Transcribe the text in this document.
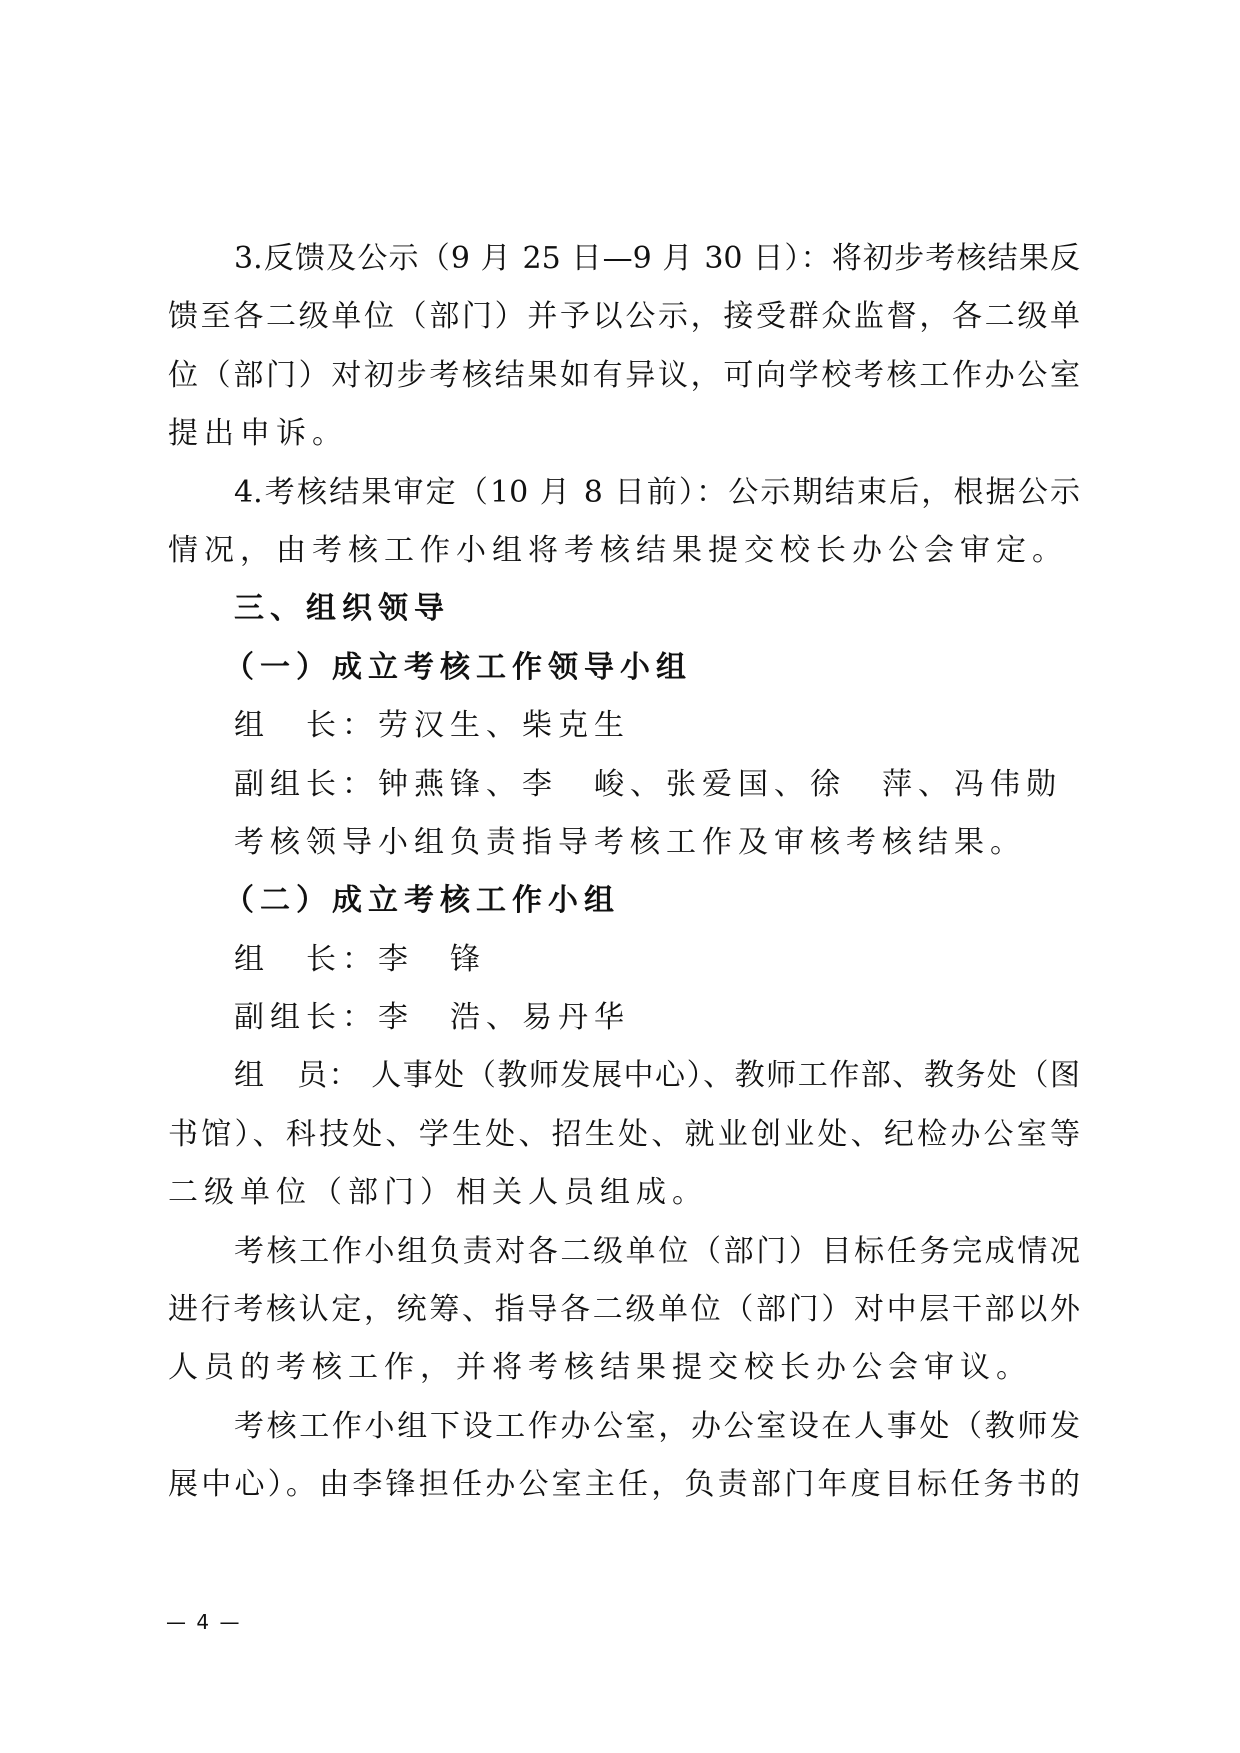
3.反馈及公示（9 月 25 日—9 月 30 日）：将初步考核结果反
馈至各二级单位（部门）并予以公示，接受群众监督，各二级单
位（部门）对初步考核结果如有异议，可向学校考核工作办公室
提出申诉。
4.考核结果审定（10 月 8 日前）：公示期结束后，根据公示
情况，由考核工作小组将考核结果提交校长办公会审定。
三、组织领导
（一）成立考核工作领导小组
组　长：劳汉生、柴克生
副组长：钟燕锋、李　峻、张爱国、徐　萍、冯伟勋
考核领导小组负责指导考核工作及审核考核结果。
（二）成立考核工作小组
组　长：李　锋
副组长：李　浩、易丹华
组　员： 人事处（教师发展中心）、教师工作部、教务处（图
书馆）、科技处、学生处、招生处、就业创业处、纪检办公室等
二级单位（部门）相关人员组成。
考核工作小组负责对各二级单位（部门）目标任务完成情况
进行考核认定，统筹、指导各二级单位（部门）对中层干部以外
人员的考核工作，并将考核结果提交校长办公会审议。
考核工作小组下设工作办公室，办公室设在人事处（教师发
展中心）。由李锋担任办公室主任，负责部门年度目标任务书的
— 4 —
